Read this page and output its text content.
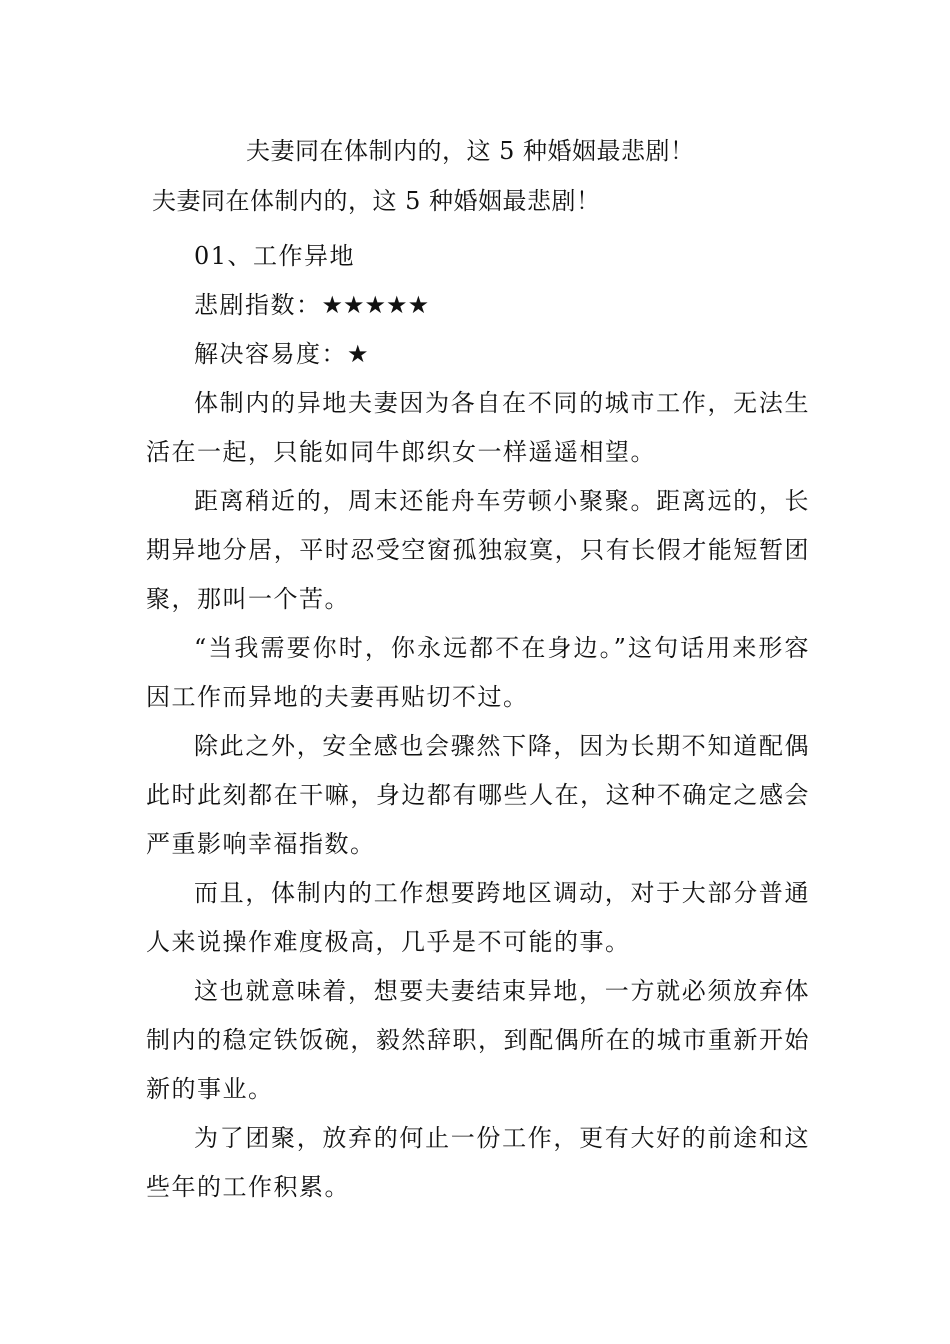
夫妻同在体制内的，这 5 种婚姻最悲剧！
夫妻同在体制内的，这 5 种婚姻最悲剧！

01、工作异地

悲剧指数：★★★★★

解决容易度：★

体制内的异地夫妻因为各自在不同的城市工作，无法生活在一起，只能如同牛郎织女一样遥遥相望。

距离稍近的，周末还能舟车劳顿小聚聚。距离远的，长期异地分居，平时忍受空窗孤独寂寞，只有长假才能短暂团聚，那叫一个苦。

“当我需要你时，你永远都不在身边。”这句话用来形容因工作而异地的夫妻再贴切不过。

除此之外，安全感也会骤然下降，因为长期不知道配偶此时此刻都在干嘛，身边都有哪些人在，这种不确定之感会严重影响幸福指数。

而且，体制内的工作想要跨地区调动，对于大部分普通人来说操作难度极高，几乎是不可能的事。

这也就意味着，想要夫妻结束异地，一方就必须放弃体制内的稳定铁饭碗，毅然辞职，到配偶所在的城市重新开始新的事业。

为了团聚，放弃的何止一份工作，更有大好的前途和这些年的工作积累。
